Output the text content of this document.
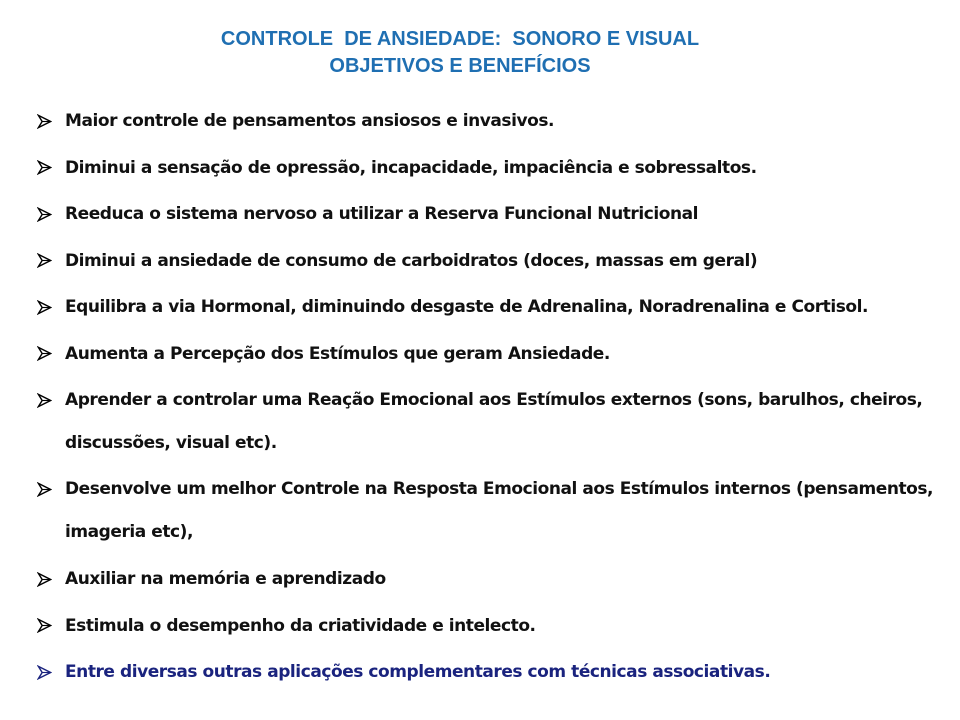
CONTROLE  DE ANSIEDADE:  SONORO E VISUAL
OBJETIVOS E BENEFÍCIOS
Maior controle de pensamentos ansiosos e invasivos.
Diminui a sensação de opressão, incapacidade, impaciência e sobressaltos.
Reeduca o sistema nervoso a utilizar a Reserva Funcional Nutricional
Diminui a ansiedade de consumo de carboidratos (doces, massas em geral)
Equilibra a via Hormonal, diminuindo desgaste de Adrenalina, Noradrenalina e Cortisol.
Aumenta a Percepção dos Estímulos que geram Ansiedade.
Aprender a controlar uma Reação Emocional aos Estímulos externos (sons, barulhos, cheiros, discussões, visual etc).
Desenvolve um melhor Controle na Resposta Emocional aos Estímulos internos (pensamentos, imageria etc),
Auxiliar na memória e aprendizado
Estimula o desempenho da criatividade e intelecto.
Entre diversas outras aplicações complementares com técnicas associativas.
